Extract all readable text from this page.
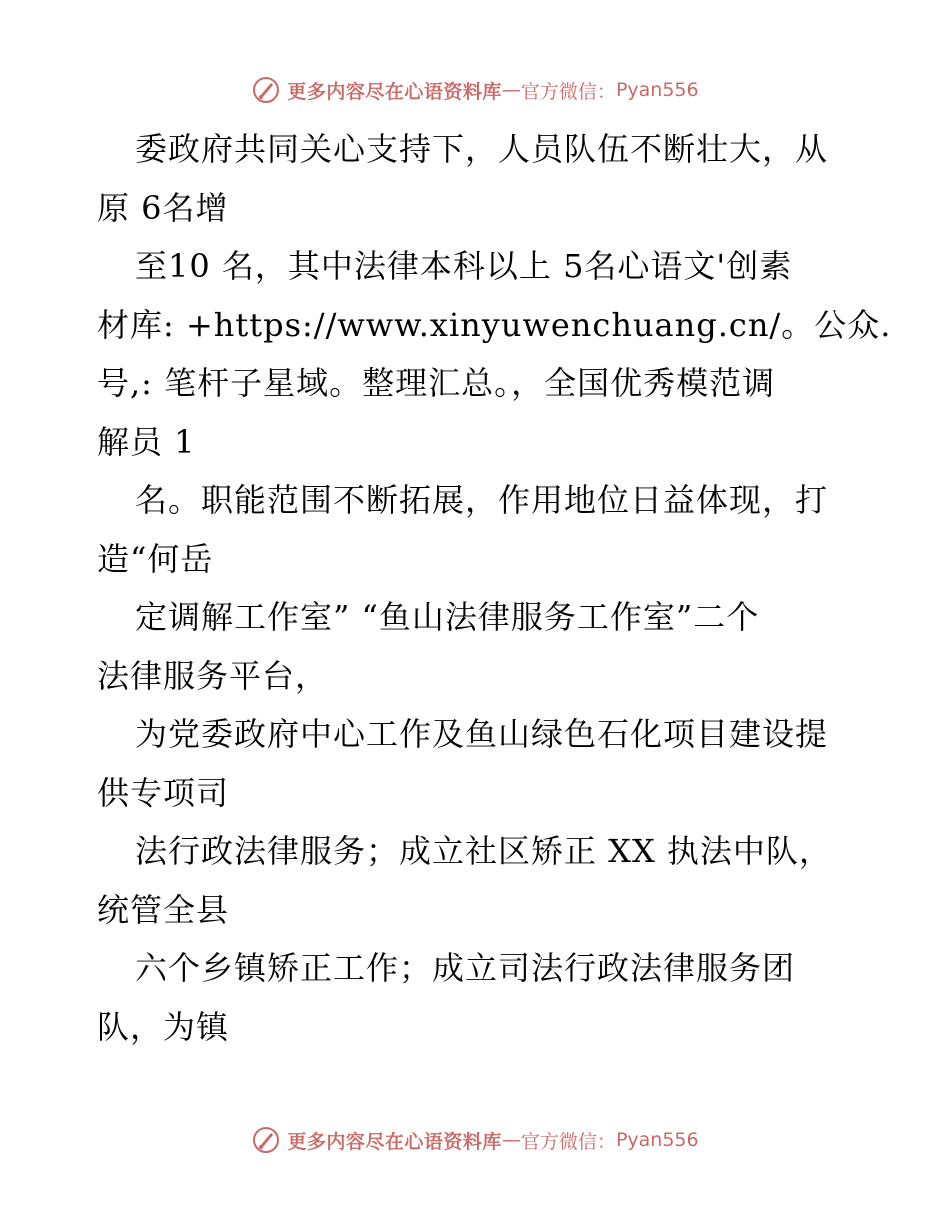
更多内容尽在心语资料库 — 官方微信： Pyan556
委政府共同关心支持下，人员队伍不断壮大，从
原 6名增
至10 名，其中法律本科以上 5名心语文'创素
材库: +https://www.xinyuwenchuang.cn/。公众.
号,: 笔杆子星域。整理汇总。，全国优秀模范调
解员 1
名。职能范围不断拓展，作用地位日益体现，打
造“何岳
定调解工作室” “鱼山法律服务工作室”二个
法律服务平台，
为党委政府中心工作及鱼山绿色石化项目建设提
供专项司
法行政法律服务；成立社区矫正 XX 执法中队，
统管全县
六个乡镇矫正工作；成立司法行政法律服务团
队，为镇
更多内容尽在心语资料库 — 官方微信： Pyan556
